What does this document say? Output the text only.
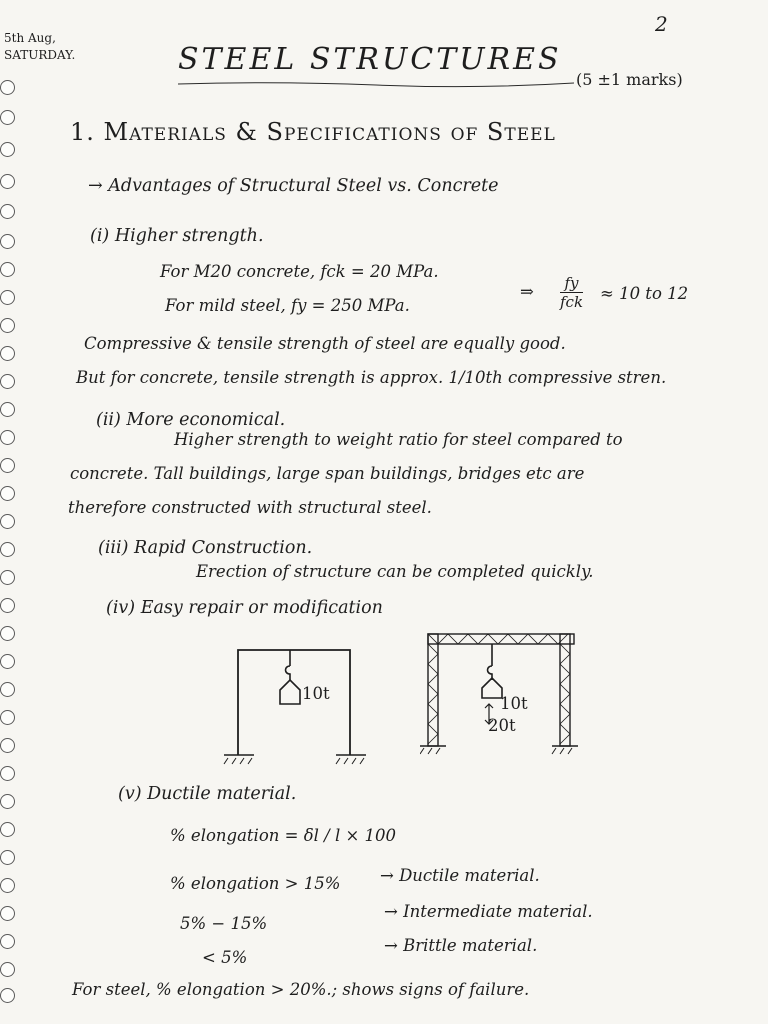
5th Aug,
SATURDAY.
2
STEEL STRUCTURES
(5 ±1 marks)
1. Materials & Specifications of Steel
→ Advantages of Structural Steel vs. Concrete
(i) Higher strength.
For M20 concrete, fck = 20 MPa.
For mild steel, fy = 250 MPa.
⇒	fy
fck ≈ 10 to 12
Compressive & tensile strength of steel are equally good.
But for concrete, tensile strength is approx. 1/10th compressive stren.
(ii) More economical.
Higher strength to weight ratio for steel compared to
concrete. Tall buildings, large span buildings, bridges etc are
therefore constructed with structural steel.
(iii) Rapid Construction.
Erection of structure can be completed quickly.
(iv) Easy repair or modification
10t
10t
20t
(v) Ductile material.
% elongation = δl / l × 100
% elongation > 15% → Ductile material.
5% − 15%
→ Intermediate material.
< 5%
→ Brittle material.
For steel, % elongation > 20%.; shows signs of failure.
